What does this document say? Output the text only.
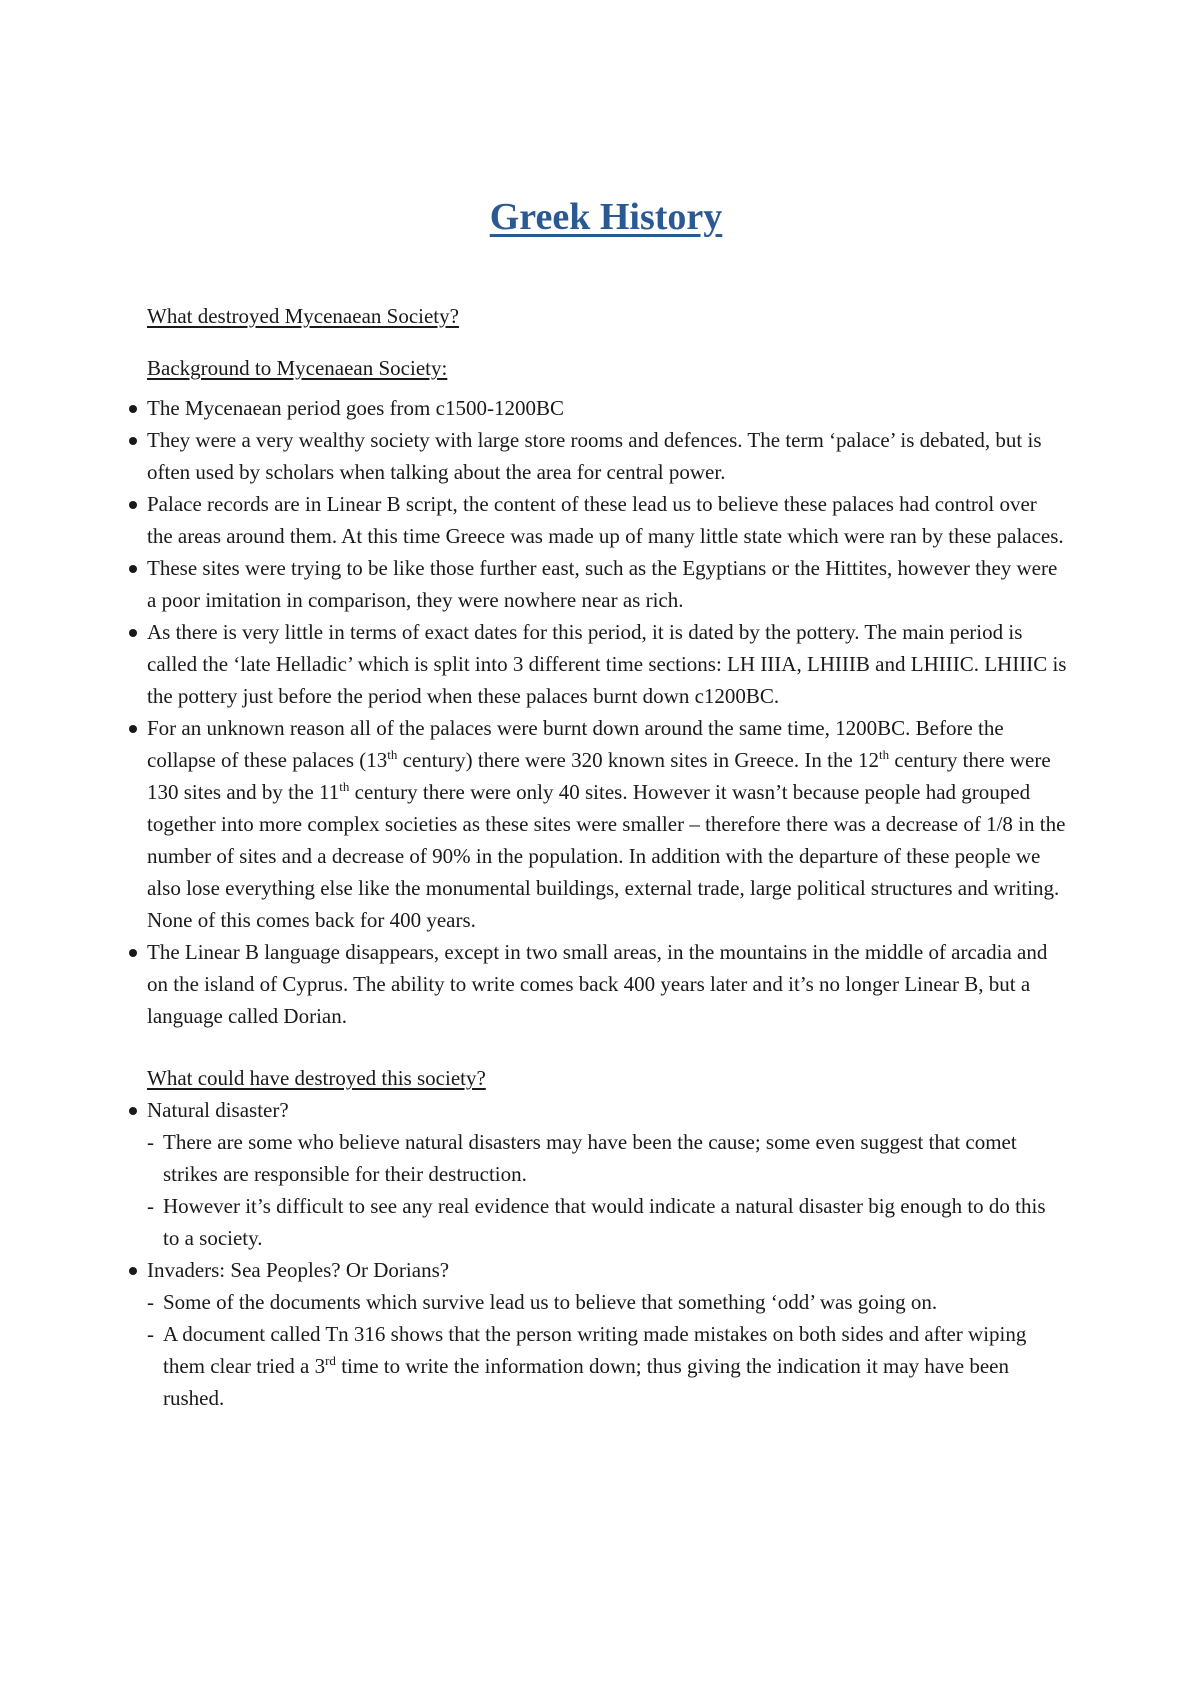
Greek History

What destroyed Mycenaean Society?

Background to Mycenaean Society:

The Mycenaean period goes from c1500-1200BC
They were a very wealthy society with large store rooms and defences. The term ‘palace’ is debated, but is often used by scholars when talking about the area for central power.
Palace records are in Linear B script, the content of these lead us to believe these palaces had control over the areas around them. At this time Greece was made up of many little state which were ran by these palaces.
These sites were trying to be like those further east, such as the Egyptians or the Hittites, however they were a poor imitation in comparison, they were nowhere near as rich.
As there is very little in terms of exact dates for this period, it is dated by the pottery. The main period is called the ‘late Helladic’ which is split into 3 different time sections: LH IIIA, LHIIIB and LHIIIC. LHIIIC is the pottery just before the period when these palaces burnt down c1200BC.
For an unknown reason all of the palaces were burnt down around the same time, 1200BC. Before the collapse of these palaces (13th century) there were 320 known sites in Greece. In the 12th century there were 130 sites and by the 11th century there were only 40 sites. However it wasn’t because people had grouped together into more complex societies as these sites were smaller – therefore there was a decrease of 1/8 in the number of sites and a decrease of 90% in the population. In addition with the departure of these people we also lose everything else like the monumental buildings, external trade, large political structures and writing. None of this comes back for 400 years.
The Linear B language disappears, except in two small areas, in the mountains in the middle of arcadia and on the island of Cyprus. The ability to write comes back 400 years later and it’s no longer Linear B, but a language called Dorian.

What could have destroyed this society?

Natural disaster?
- There are some who believe natural disasters may have been the cause; some even suggest that comet strikes are responsible for their destruction.
- However it’s difficult to see any real evidence that would indicate a natural disaster big enough to do this to a society.
Invaders: Sea Peoples? Or Dorians?
- Some of the documents which survive lead us to believe that something ‘odd’ was going on.
- A document called Tn 316 shows that the person writing made mistakes on both sides and after wiping them clear tried a 3rd time to write the information down; thus giving the indication it may have been rushed.
